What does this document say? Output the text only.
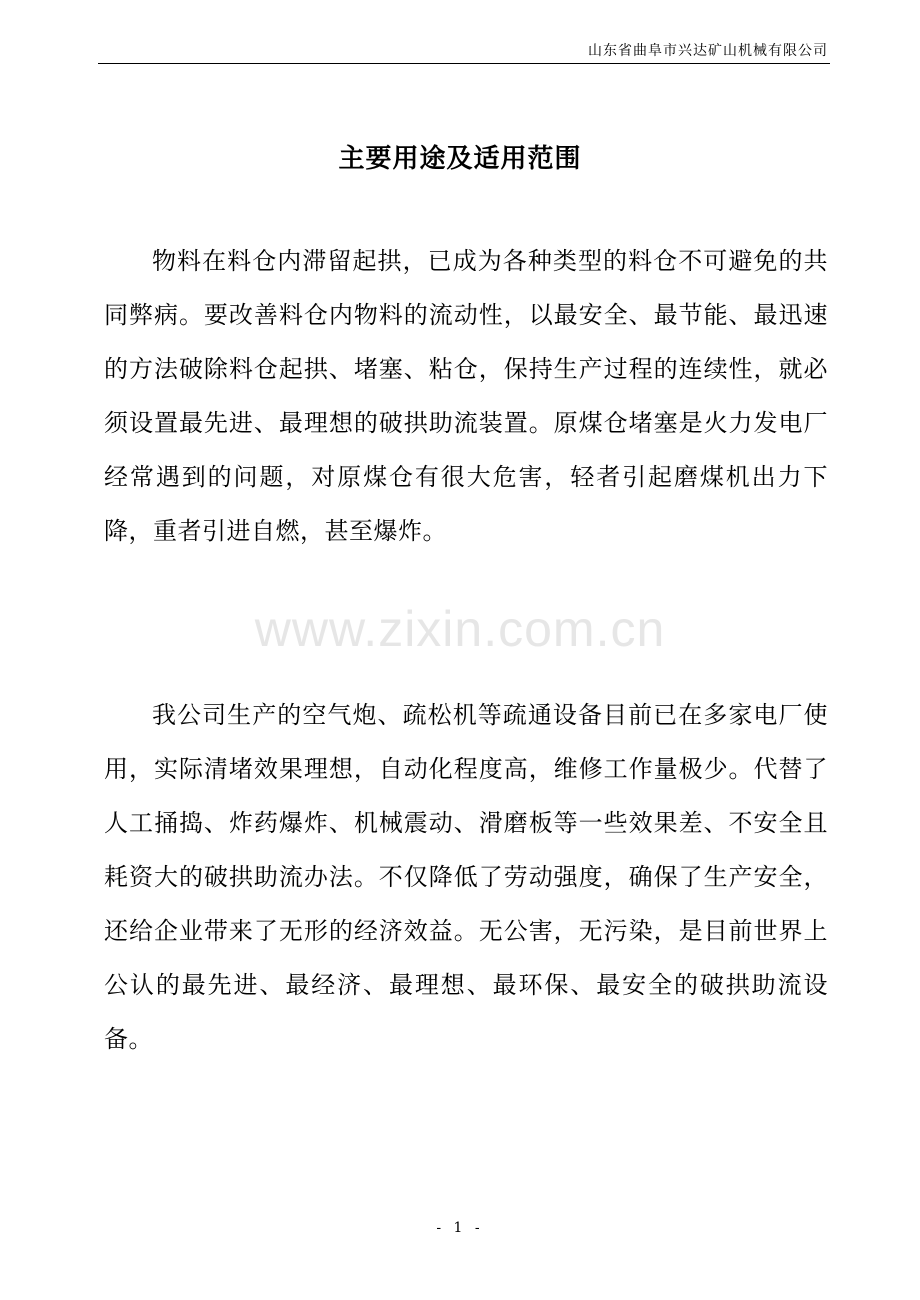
山东省曲阜市兴达矿山机械有限公司
主要用途及适用范围

物料在料仓内滞留起拱，已成为各种类型的料仓不可避免的共同弊病。要改善料仓内物料的流动性，以最安全、最节能、最迅速的方法破除料仓起拱、堵塞、粘仓，保持生产过程的连续性，就必须设置最先进、最理想的破拱助流装置。原煤仓堵塞是火力发电厂经常遇到的问题，对原煤仓有很大危害，轻者引起磨煤机出力下降，重者引进自燃，甚至爆炸。

www.zixin.com.cn

我公司生产的空气炮、疏松机等疏通设备目前已在多家电厂使用，实际清堵效果理想，自动化程度高，维修工作量极少。代替了人工捅捣、炸药爆炸、机械震动、滑磨板等一些效果差、不安全且耗资大的破拱助流办法。不仅降低了劳动强度，确保了生产安全，还给企业带来了无形的经济效益。无公害，无污染，是目前世界上公认的最先进、最经济、最理想、最环保、最安全的破拱助流设备。

- 1 -
